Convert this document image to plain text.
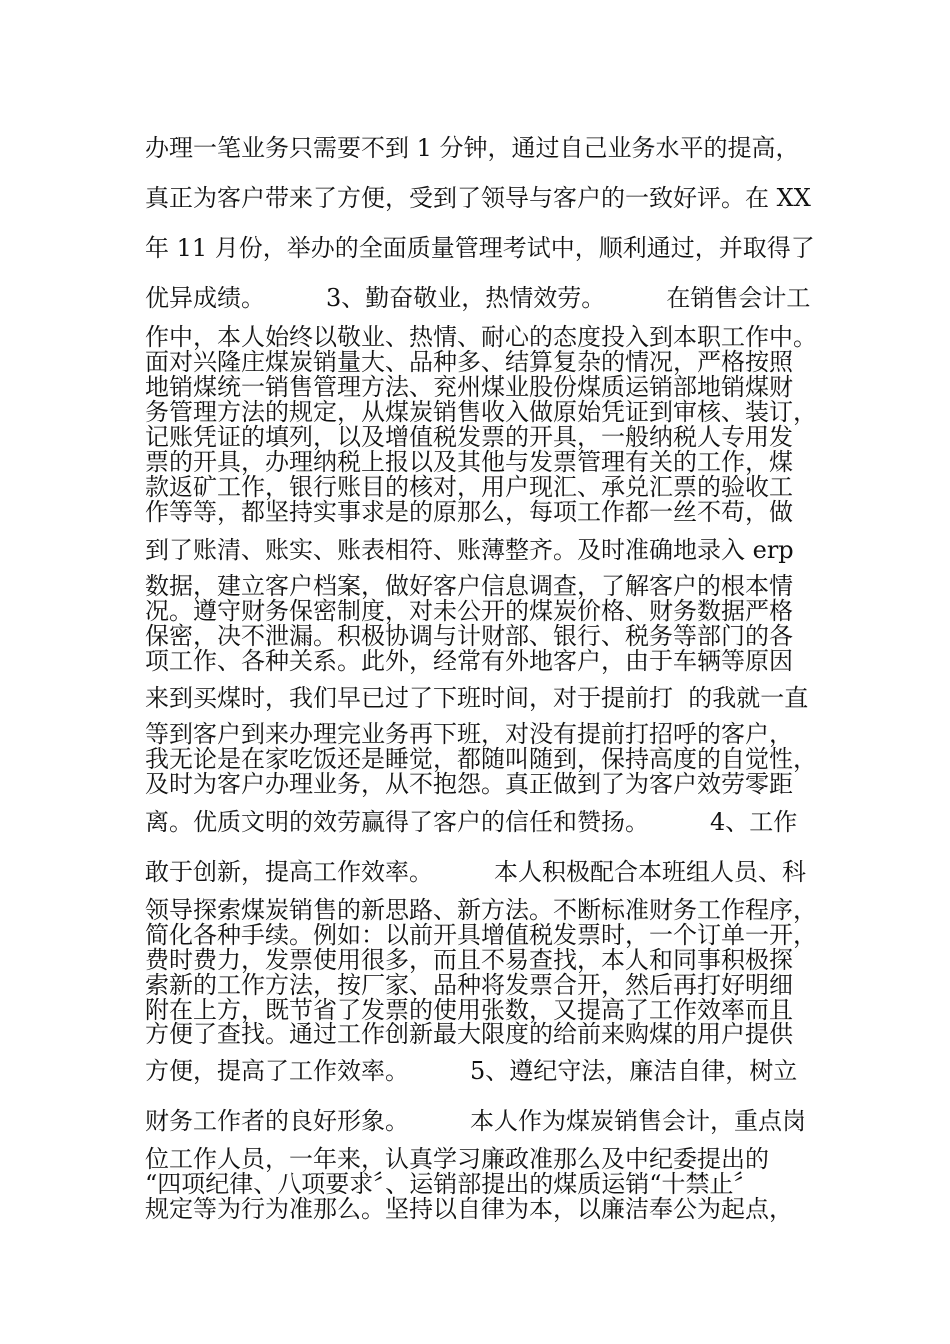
办理一笔业务只需要不到 1 分钟，通过自己业务水平的提高，
真正为客户带来了方便，受到了领导与客户的一致好评。在 XX
年 11 月份，举办的全面质量管理考试中，顺利通过，并取得了
优异成绩。        3、勤奋敬业，热情效劳。        在销售会计工
作中，本人始终以敬业、热情、耐心的态度投入到本职工作中。
面对兴隆庄煤炭销量大、品种多、结算复杂的情况，严格按照
地销煤统一销售管理方法、兖州煤业股份煤质运销部地销煤财
务管理方法的规定，从煤炭销售收入做原始凭证到审核、装订，
记账凭证的填列，以及增值税发票的开具，一般纳税人专用发
票的开具，办理纳税上报以及其他与发票管理有关的工作，煤
款返矿工作，银行账目的核对，用户现汇、承兑汇票的验收工
作等等，都坚持实事求是的原那么，每项工作都一丝不苟，做
到了账清、账实、账表相符、账薄整齐。及时准确地录入 erp
数据，建立客户档案，做好客户信息调查，了解客户的根本情
况。遵守财务保密制度，对未公开的煤炭价格、财务数据严格
保密，决不泄漏。积极协调与计财部、银行、税务等部门的各
项工作、各种关系。此外，经常有外地客户，由于车辆等原因
来到买煤时，我们早已过了下班时间，对于提前打  的我就一直
等到客户到来办理完业务再下班，对没有提前打招呼的客户，
我无论是在家吃饭还是睡觉，都随叫随到，保持高度的自觉性，
及时为客户办理业务，从不抱怨。真正做到了为客户效劳零距
离。优质文明的效劳赢得了客户的信任和赞扬。        4、工作
敢于创新，提高工作效率。        本人积极配合本班组人员、科
领导探索煤炭销售的新思路、新方法。不断标准财务工作程序，
简化各种手续。例如：以前开具增值税发票时，一个订单一开，
费时费力，发票使用很多，而且不易查找，本人和同事积极探
索新的工作方法，按厂家、品种将发票合开，然后再打好明细
附在上方，既节省了发票的使用张数，又提高了工作效率而且
方便了查找。通过工作创新最大限度的给前来购煤的用户提供
方便，提高了工作效率。        5、遵纪守法，廉洁自律，树立
财务工作者的良好形象。        本人作为煤炭销售会计，重点岗
位工作人员，一年来，认真学习廉政准那么及中纪委提出的
“四项纪律、八项要求〞、运销部提出的煤质运销“十禁止〞
规定等为行为准那么。坚持以自律为本，以廉洁奉公为起点，
